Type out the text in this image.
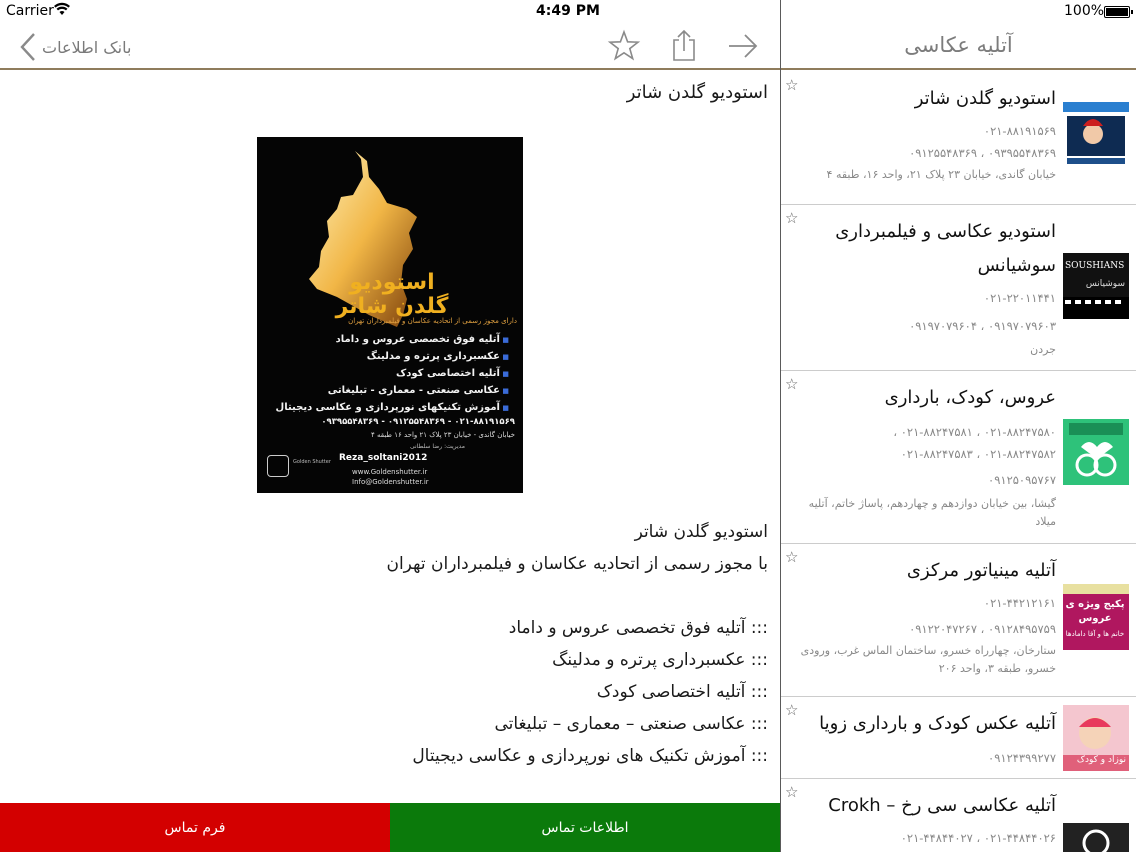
Carrier	4:49 PM	100%
بانک اطلاعات
استودیو گلدن شاتر
استودیو
گلدن شاتر
دارای مجوز رسمی از اتحادیه عکاسان و فیلمبرداران تهران
■ آتلیه فوق تخصصی عروس و داماد
■ عکسبرداری پرتره و مدلینگ
■ آتلیه اختصاصی کودک
■ عکاسی صنعتی - معماری - تبلیغاتی
■ آموزش تکنیکهای نورپردازی و عکاسی دیجیتال
۰۲۱-۸۸۱۹۱۵۶۹ - ۰۹۱۲۵۵۴۸۳۶۹ - ۰۹۳۹۵۵۴۸۳۶۹
خیابان گاندی - خیابان ۲۳ پلاک ۲۱ واحد ۱۶ طبقه ۴
مدیریت: رضا سلطانی
Golden Shutter Reza_soltani2012
www.Goldenshutter.ir
Info@Goldenshutter.ir

استودیو گلدن شاتر

با مجوز رسمی از اتحادیه عکاسان و فیلمبرداران تهران

::: آتلیه فوق تخصصی عروس و داماد

::: عکسبرداری پرتره و مدلینگ

::: آتلیه اختصاصی کودک

::: عکاسی صنعتی – معماری – تبلیغاتی

::: آموزش تکنیک های نورپردازی و عکاسی دیجیتال

فرم تماس	اطلاعات تماس
آتلیه عکاسی
☆
استودیو گلدن شاتر
۰۲۱-۸۸۱۹۱۵۶۹
۰۹۳۹۵۵۴۸۳۶۹ ، ۰۹۱۲۵۵۴۸۳۶۹
خیابان گاندی، خیابان ۲۳ پلاک ۲۱، واحد ۱۶، طبقه ۴
☆
SOUSHIANS
سوشیانس
استودیو عکاسی و فیلمبرداری سوشیانس
۰۲۱-۲۲۰۱۱۴۴۱
۰۹۱۹۷۰۷۹۶۰۳ ، ۰۹۱۹۷۰۷۹۶۰۴
جردن
☆
عروس، کودک، بارداری
۰۲۱-۸۸۲۴۷۵۸۰ ، ۰۲۱-۸۸۲۴۷۵۸۱ ،
۰۲۱-۸۸۲۴۷۵۸۲ ، ۰۲۱-۸۸۲۴۷۵۸۳
۰۹۱۲۵۰۹۵۷۶۷
گیشا، بین خیابان دوازدهم و چهاردهم، پاساژ خاتم، آتلیه میلاد
☆
پکیج ویژه ی عروس
خانم ها و آقا دامادها
آتلیه مینیاتور مرکزی
۰۲۱-۴۴۲۱۲۱۶۱
۰۹۱۲۸۴۹۵۷۵۹ ، ۰۹۱۲۲۰۴۷۲۶۷
ستارخان، چهارراه خسرو، ساختمان الماس غرب، ورودی خسرو، طبقه ۳، واحد ۲۰۶
☆
نوزاد و کودک
آتلیه عکس کودک و بارداری زویا
۰۹۱۲۴۳۹۹۲۷۷
☆
آتلیه عکاسی سی رخ – Crokh
۰۲۱-۴۴۸۴۴۰۲۶ ، ۰۲۱-۴۴۸۴۴۰۲۷
